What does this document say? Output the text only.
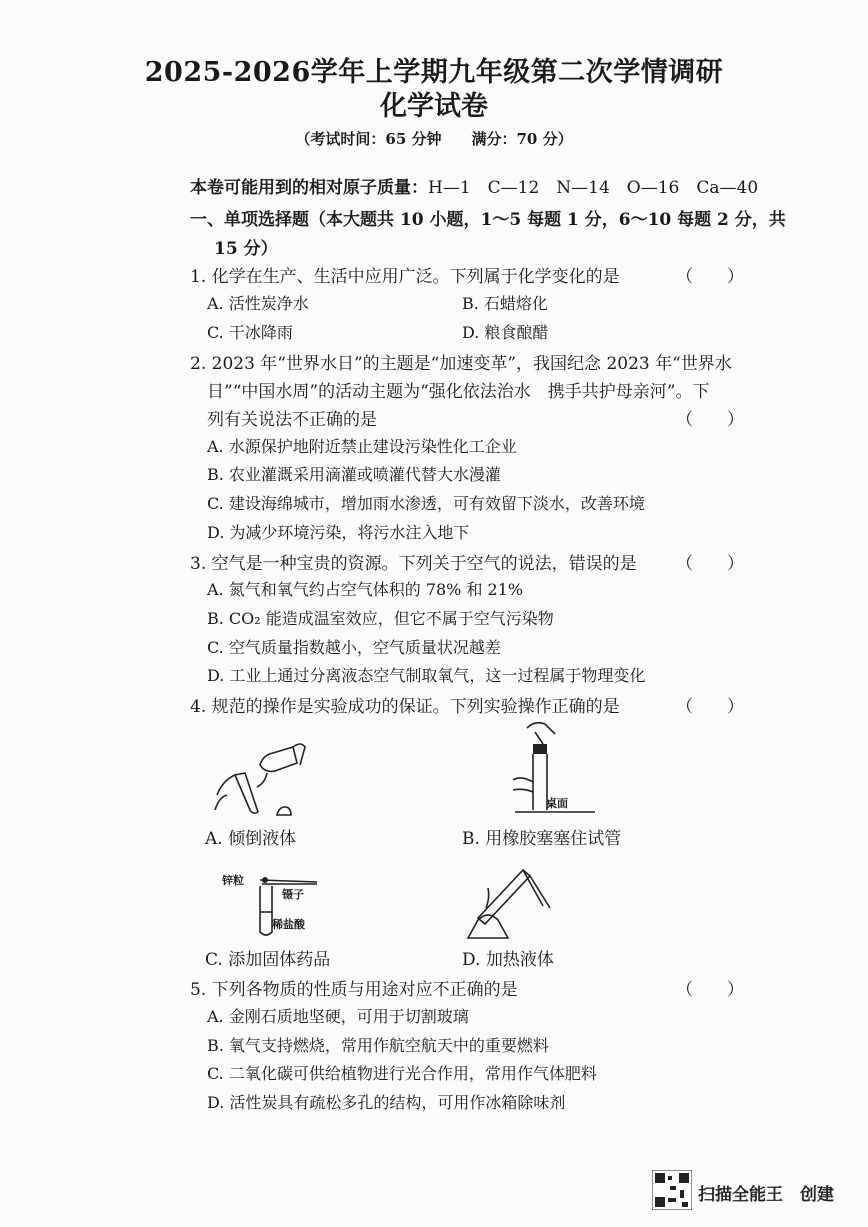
2025-2026学年上学期九年级第二次学情调研
化学试卷
（考试时间：65 分钟　　满分：70 分）
本卷可能用到的相对原子质量：H—1　C—12　N—14　O—16　Ca—40
一、单项选择题（本大题共 10 小题，1～5 每题 1 分，6～10 每题 2 分，共
15 分）
1. 化学在生产、生活中应用广泛。下列属于化学变化的是	（　　）
A. 活性炭净水	B. 石蜡熔化
C. 干冰降雨	D. 粮食酿醋
2. 2023 年“世界水日”的主题是“加速变革”，我国纪念 2023 年“世界水
日”“中国水周”的活动主题为“强化依法治水　携手共护母亲河”。下
列有关说法不正确的是	（　　）
A. 水源保护地附近禁止建设污染性化工企业
B. 农业灌溉采用滴灌或喷灌代替大水漫灌
C. 建设海绵城市，增加雨水渗透，可有效留下淡水，改善环境
D. 为减少环境污染，将污水注入地下
3. 空气是一种宝贵的资源。下列关于空气的说法，错误的是 （　　）
A. 氮气和氧气约占空气体积的 78% 和 21%
B. CO₂ 能造成温室效应，但它不属于空气污染物
C. 空气质量指数越小，空气质量状况越差
D. 工业上通过分离液态空气制取氧气，这一过程属于物理变化
4. 规范的操作是实验成功的保证。下列实验操作正确的是	（　　）
A. 倾倒液体
桌面
B. 用橡胶塞塞住试管
锌粒
镊子
稀盐酸
C. 添加固体药品	D. 加热液体
5. 下列各物质的性质与用途对应不正确的是	（　　）
A. 金刚石质地坚硬，可用于切割玻璃
B. 氧气支持燃烧，常用作航空航天中的重要燃料
C. 二氧化碳可供给植物进行光合作用，常用作气体肥料
D. 活性炭具有疏松多孔的结构，可用作冰箱除味剂
扫描全能王　创建
